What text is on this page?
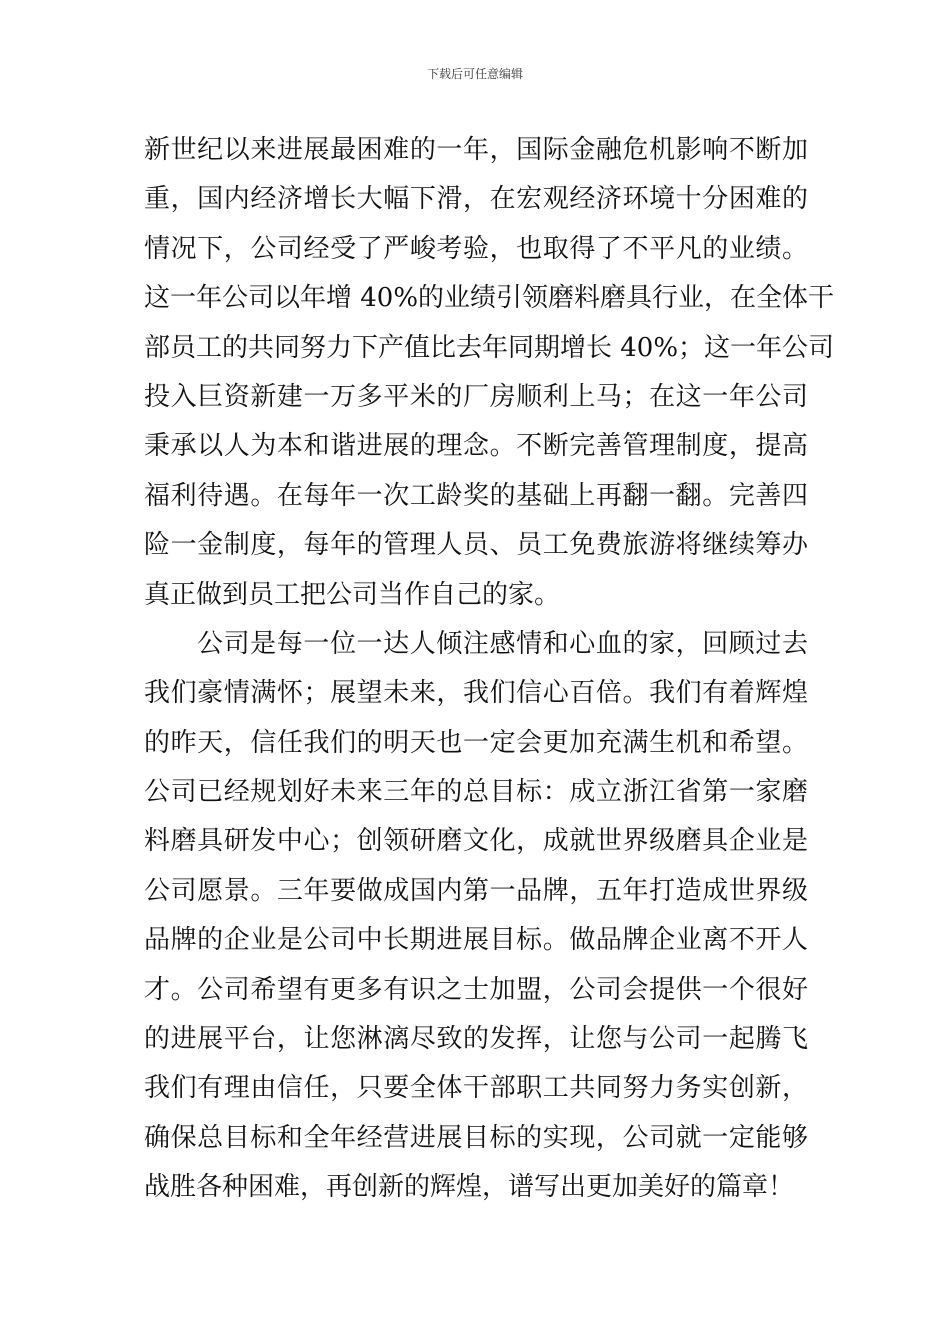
下载后可任意编辑
新世纪以来进展最困难的一年，国际金融危机影响不断加
重，国内经济增长大幅下滑，在宏观经济环境十分困难的
情况下，公司经受了严峻考验，也取得了不平凡的业绩。
这一年公司以年增 40%的业绩引领磨料磨具行业，在全体干
部员工的共同努力下产值比去年同期增长 40%；这一年公司
投入巨资新建一万多平米的厂房顺利上马；在这一年公司
秉承以人为本和谐进展的理念。不断完善管理制度，提高
福利待遇。在每年一次工龄奖的基础上再翻一翻。完善四
险一金制度，每年的管理人员、员工免费旅游将继续筹办
真正做到员工把公司当作自己的家。
公司是每一位一达人倾注感情和心血的家，回顾过去
我们豪情满怀；展望未来，我们信心百倍。我们有着辉煌
的昨天，信任我们的明天也一定会更加充满生机和希望。
公司已经规划好未来三年的总目标：成立浙江省第一家磨
料磨具研发中心；创领研磨文化，成就世界级磨具企业是
公司愿景。三年要做成国内第一品牌，五年打造成世界级
品牌的企业是公司中长期进展目标。做品牌企业离不开人
才。公司希望有更多有识之士加盟，公司会提供一个很好
的进展平台，让您淋漓尽致的发挥，让您与公司一起腾飞
我们有理由信任，只要全体干部职工共同努力务实创新，
确保总目标和全年经营进展目标的实现，公司就一定能够
战胜各种困难，再创新的辉煌，谱写出更加美好的篇章！
